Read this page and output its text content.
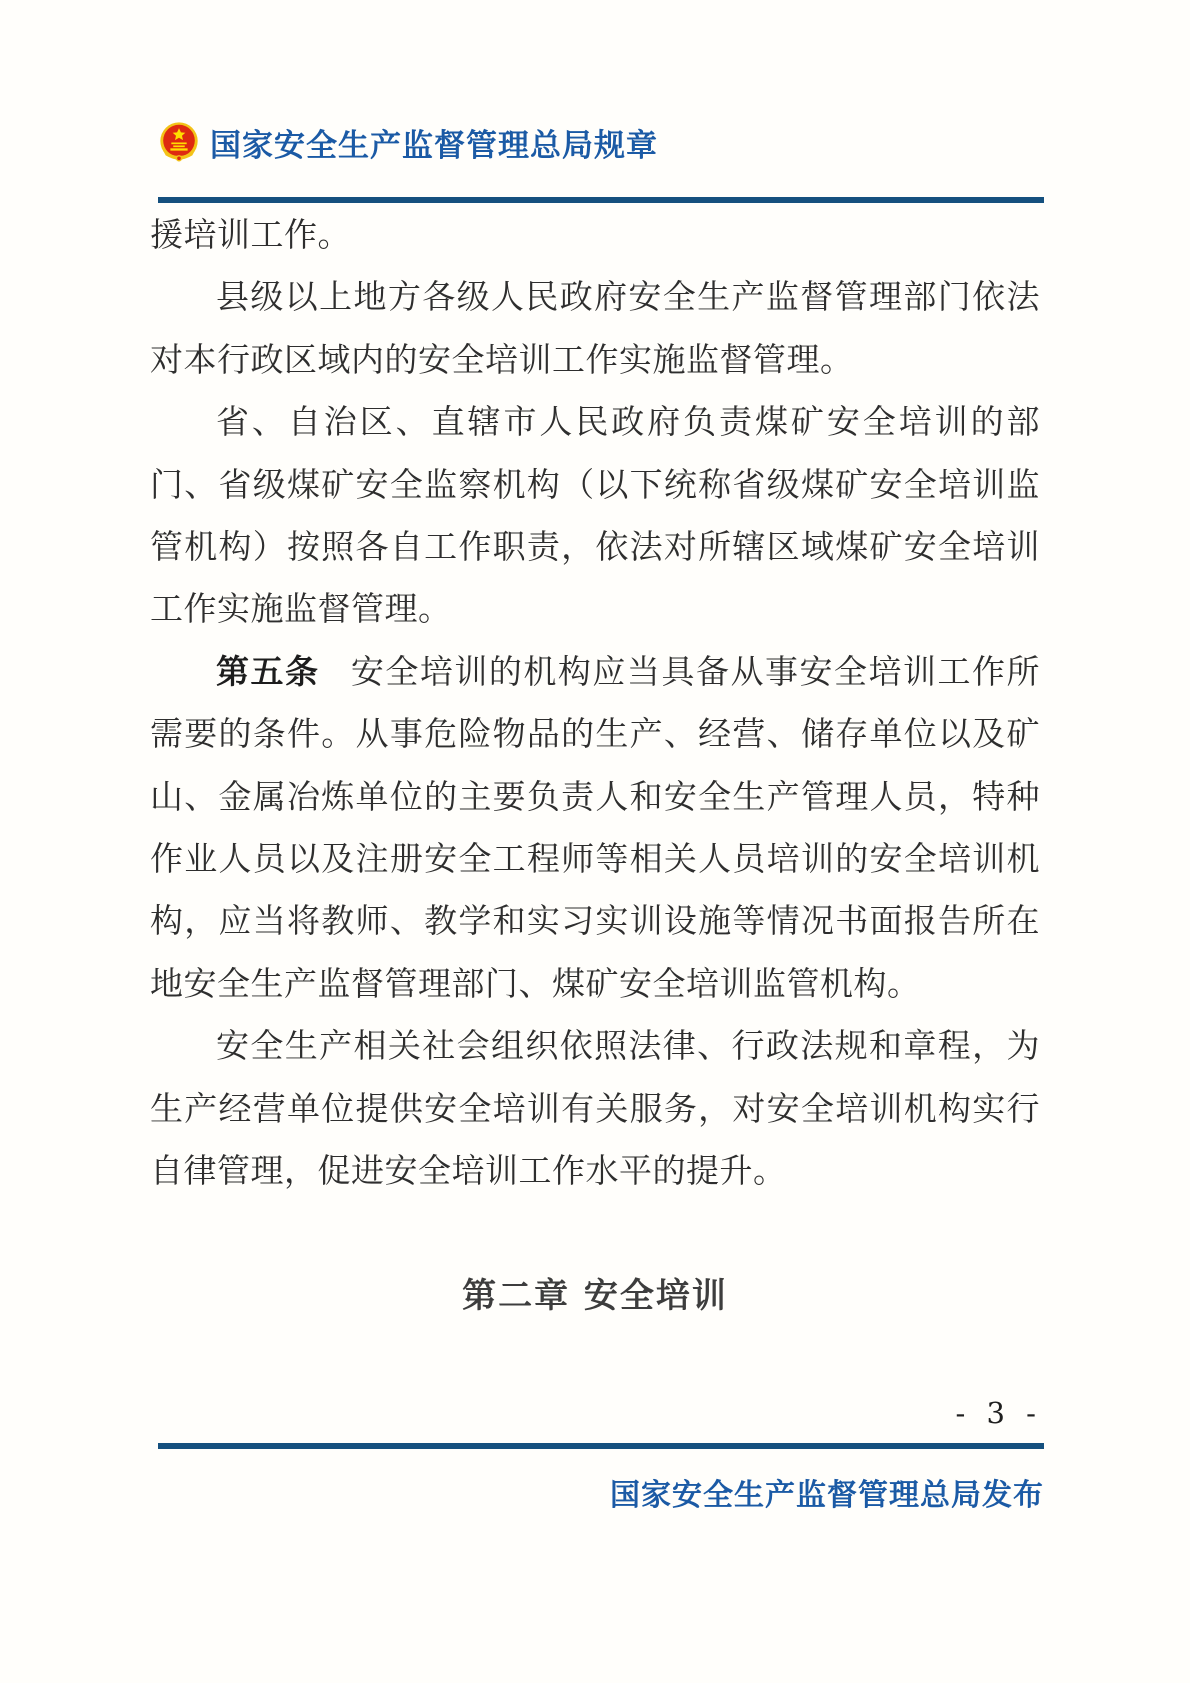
国家安全生产监督管理总局规章

援培训工作。

县级以上地方各级人民政府安全生产监督管理部门依法对本行政区域内的安全培训工作实施监督管理。

省、自治区、直辖市人民政府负责煤矿安全培训的部门、省级煤矿安全监察机构（以下统称省级煤矿安全培训监管机构）按照各自工作职责，依法对所辖区域煤矿安全培训工作实施监督管理。

第五条 安全培训的机构应当具备从事安全培训工作所需要的条件。从事危险物品的生产、经营、储存单位以及矿山、金属冶炼单位的主要负责人和安全生产管理人员，特种作业人员以及注册安全工程师等相关人员培训的安全培训机构，应当将教师、教学和实习实训设施等情况书面报告所在地安全生产监督管理部门、煤矿安全培训监管机构。

安全生产相关社会组织依照法律、行政法规和章程，为生产经营单位提供安全培训有关服务，对安全培训机构实行自律管理，促进安全培训工作水平的提升。

第二章 安全培训
- 3 -
国家安全生产监督管理总局发布
